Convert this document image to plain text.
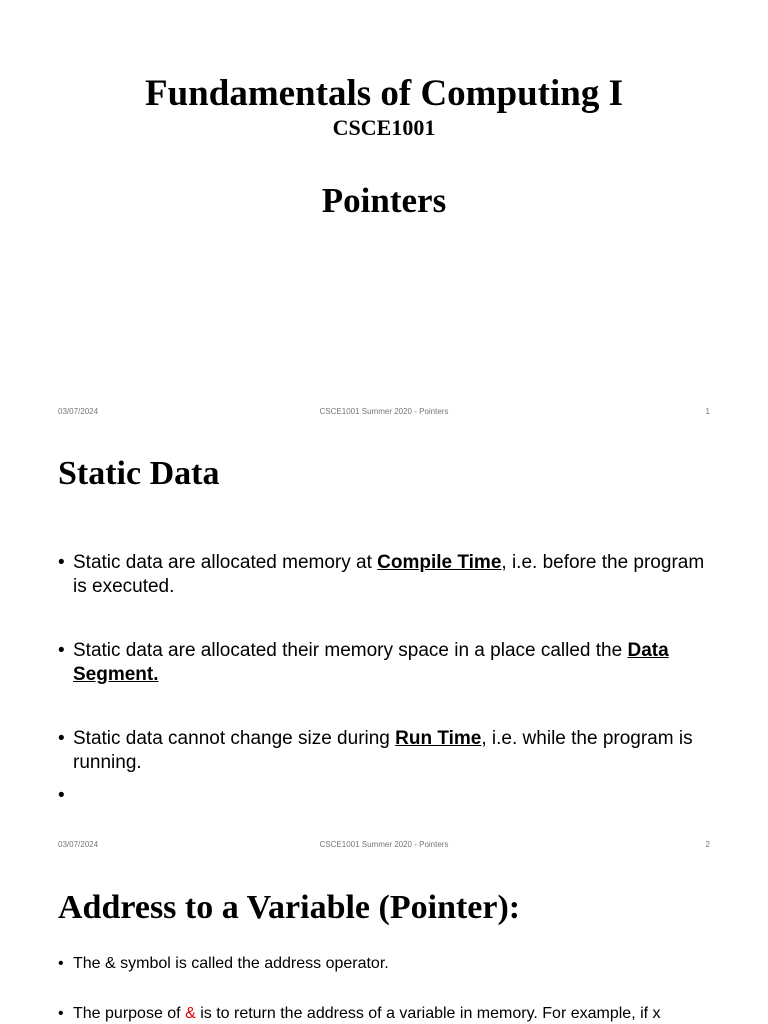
Fundamentals of Computing I
CSCE1001
Pointers
03/07/2024	CSCE1001 Summer 2020 - Pointers	1
Static Data
• Static data are allocated memory at Compile Time, i.e. before the program is executed.
• Static data are allocated their memory space in a place called the Data Segment.
• Static data cannot change size during Run Time, i.e. while the program is running.
•
03/07/2024	CSCE1001 Summer 2020 - Pointers	2
Address to a Variable (Pointer):
• The & symbol is called the address operator.
• The purpose of & is to return the address of a variable in memory. For example, if x
